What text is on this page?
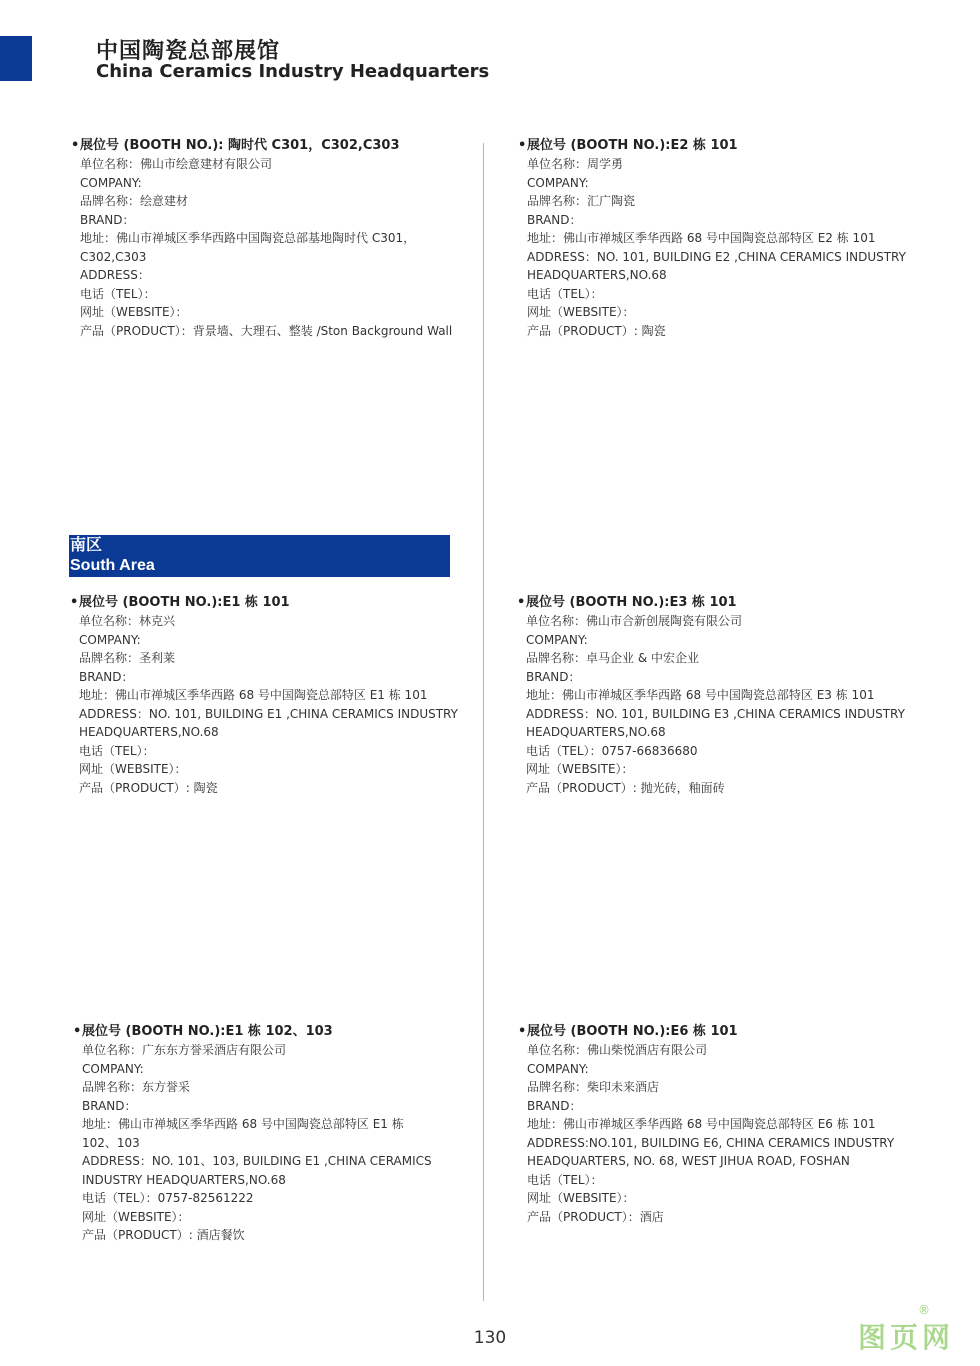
中国陶瓷总部展馆
China Ceramics Industry Headquarters
南区
South Area
•展位号 (BOOTH NO.): 陶时代 C301，C302,C303
单位名称：佛山市绘意建材有限公司
COMPANY:
品牌名称：绘意建材
BRAND：
地址：佛山市禅城区季华西路中国陶瓷总部基地陶时代 C301，
C302,C303
ADDRESS：
电话（TEL）：
网址（WEBSITE）：
产品（PRODUCT）：背景墙、大理石、整装 /Ston Background Wall
•展位号 (BOOTH NO.):E2 栋 101
单位名称：周学勇
COMPANY:
品牌名称：汇广陶瓷
BRAND：
地址：佛山市禅城区季华西路 68 号中国陶瓷总部特区 E2 栋 101
ADDRESS：NO. 101, BUILDING E2 ,CHINA CERAMICS INDUSTRY
HEADQUARTERS,NO.68
电话（TEL）：
网址（WEBSITE）：
产品（PRODUCT）: 陶瓷
•展位号 (BOOTH NO.):E1 栋 101
单位名称：林克兴
COMPANY:
品牌名称：圣利莱
BRAND：
地址：佛山市禅城区季华西路 68 号中国陶瓷总部特区 E1 栋 101
ADDRESS：NO. 101, BUILDING E1 ,CHINA CERAMICS INDUSTRY
HEADQUARTERS,NO.68
电话（TEL）：
网址（WEBSITE）：
产品（PRODUCT）: 陶瓷
•展位号 (BOOTH NO.):E3 栋 101
单位名称：佛山市合新创展陶瓷有限公司
COMPANY:
品牌名称：卓马企业 & 中宏企业
BRAND：
地址：佛山市禅城区季华西路 68 号中国陶瓷总部特区 E3 栋 101
ADDRESS：NO. 101, BUILDING E3 ,CHINA CERAMICS INDUSTRY
HEADQUARTERS,NO.68
电话（TEL）：0757-66836680
网址（WEBSITE）：
产品（PRODUCT）: 抛光砖，釉面砖
•展位号 (BOOTH NO.):E1 栋 102、103
单位名称：广东东方誉采酒店有限公司
COMPANY:
品牌名称：东方誉采
BRAND：
地址：佛山市禅城区季华西路 68 号中国陶瓷总部特区 E1 栋
102、103
ADDRESS：NO. 101、103, BUILDING E1 ,CHINA CERAMICS
INDUSTRY HEADQUARTERS,NO.68
电话（TEL）：0757-82561222
网址（WEBSITE）：
产品（PRODUCT）: 酒店餐饮
•展位号 (BOOTH NO.):E6 栋 101
单位名称：佛山柴悦酒店有限公司
COMPANY:
品牌名称：柴印未来酒店
BRAND：
地址：佛山市禅城区季华西路 68 号中国陶瓷总部特区 E6 栋 101
ADDRESS:NO.101, BUILDING E6, CHINA CERAMICS INDUSTRY
HEADQUARTERS, NO. 68, WEST JIHUA ROAD, FOSHAN
电话（TEL）：
网址（WEBSITE）：
产品（PRODUCT）：酒店
130	图页网
®
